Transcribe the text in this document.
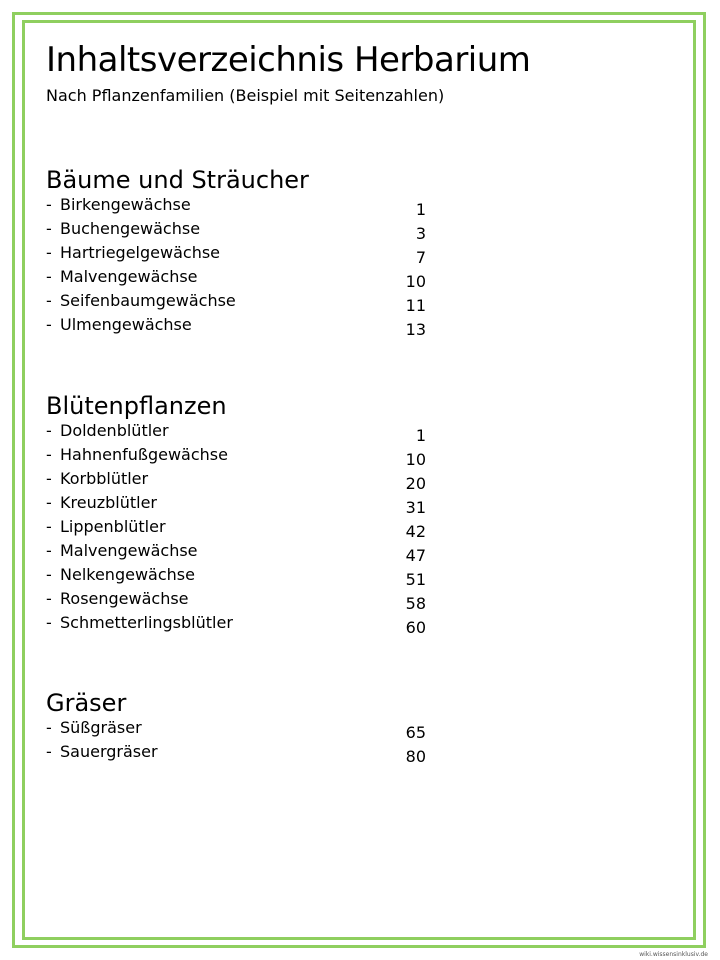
Inhaltsverzeichnis Herbarium

Nach Pflanzenfamilien (Beispiel mit Seitenzahlen)

Bäume und Sträucher
- Birkengewächse	1
- Buchengewächse	3
- Hartriegelgewächse	7
- Malvengewächse	10
- Seifenbaumgewächse	11
- Ulmengewächse	13
Blütenpflanzen
- Doldenblütler	1
- Hahnenfußgewächse	10
- Korbblütler	20
- Kreuzblütler	31
- Lippenblütler	42
- Malvengewächse	47
- Nelkengewächse	51
- Rosengewächse	58
- Schmetterlingsblütler	60
Gräser
- Süßgräser	65
- Sauergräser	80
wiki.wissensinklusiv.de
